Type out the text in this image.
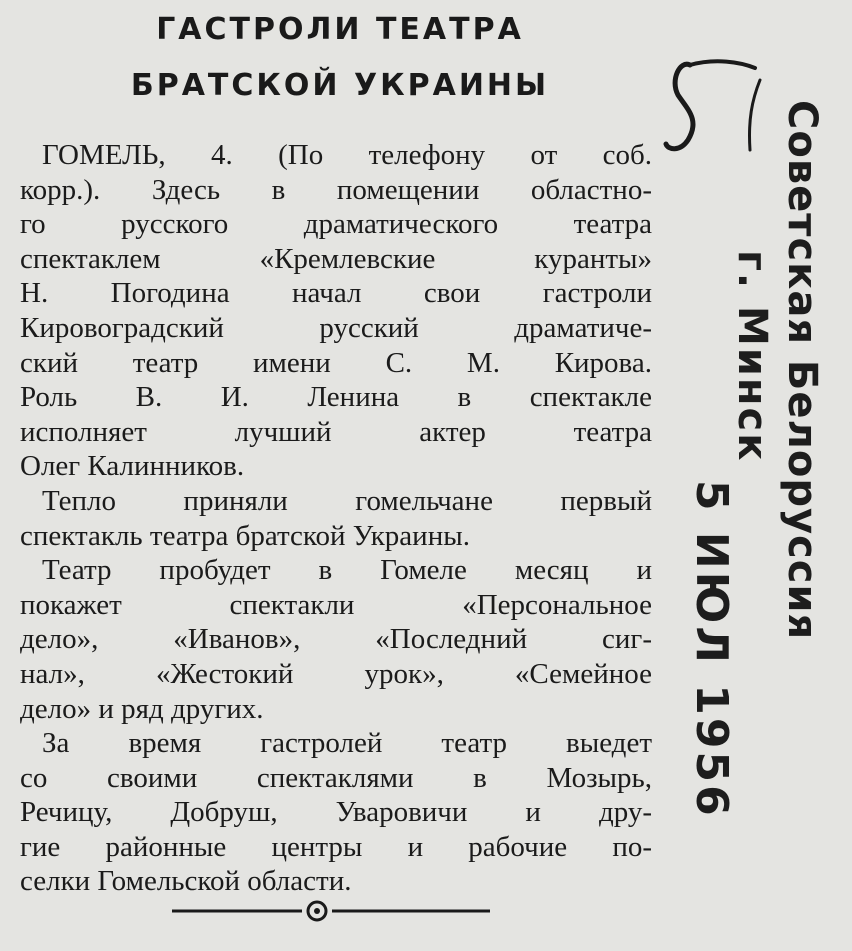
ГАСТРОЛИ ТЕАТРА
БРАТСКОЙ УКРАИНЫ
ГОМЕЛЬ, 4. (По телефону от соб.
корр.). Здесь в помещении областно-
го русского драматического театра
спектаклем «Кремлевские куранты»
Н. Погодина начал свои гастроли
Кировоградский русский драматиче-
ский театр имени С. М. Кирова.
Роль В. И. Ленина в спектакле
исполняет лучший актер театра
Олег Калинников.
Тепло приняли гомельчане первый
спектакль театра братской Украины.
Театр пробудет в Гомеле месяц и
покажет спектакли «Персональное
дело», «Иванов», «Последний сиг-
нал», «Жестокий урок», «Семейное
дело» и ряд других.
За время гастролей театр выедет
со своими спектаклями в Мозырь,
Речицу, Добруш, Уваровичи и дру-
гие районные центры и рабочие по-
селки Гомельской области.
Советская Белоруссия
г. Минск
5 ИЮЛ 1956
